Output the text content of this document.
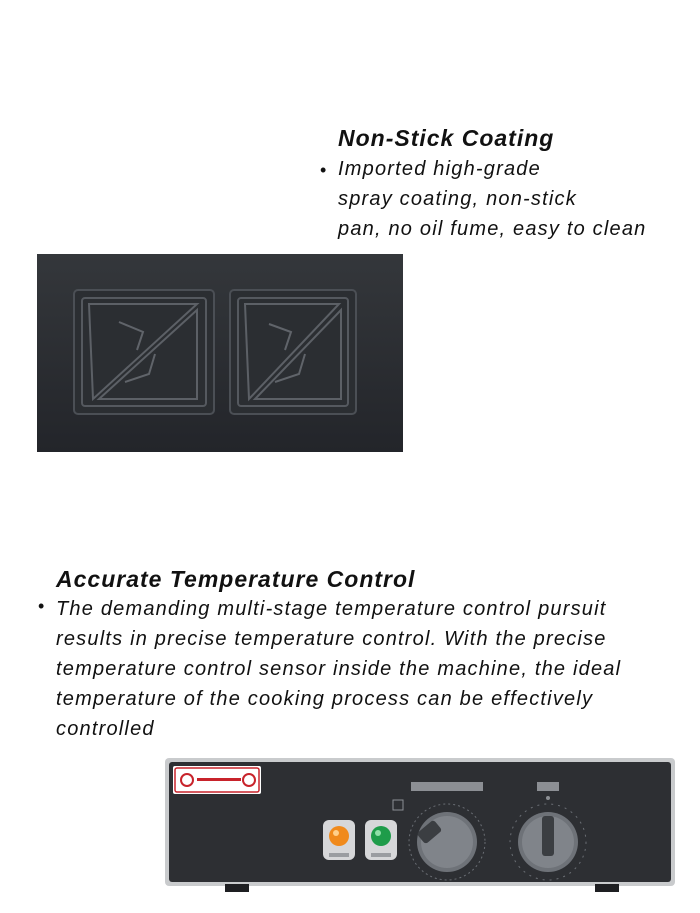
Non-Stick Coating
• Imported high-grade
spray coating, non-stick
pan, no oil fume, easy to clean
Accurate Temperature Control
• The demanding multi-stage temperature control pursuit
results in precise temperature control. With the precise
temperature control sensor inside the machine, the ideal
temperature of the cooking process can be effectively
controlled
